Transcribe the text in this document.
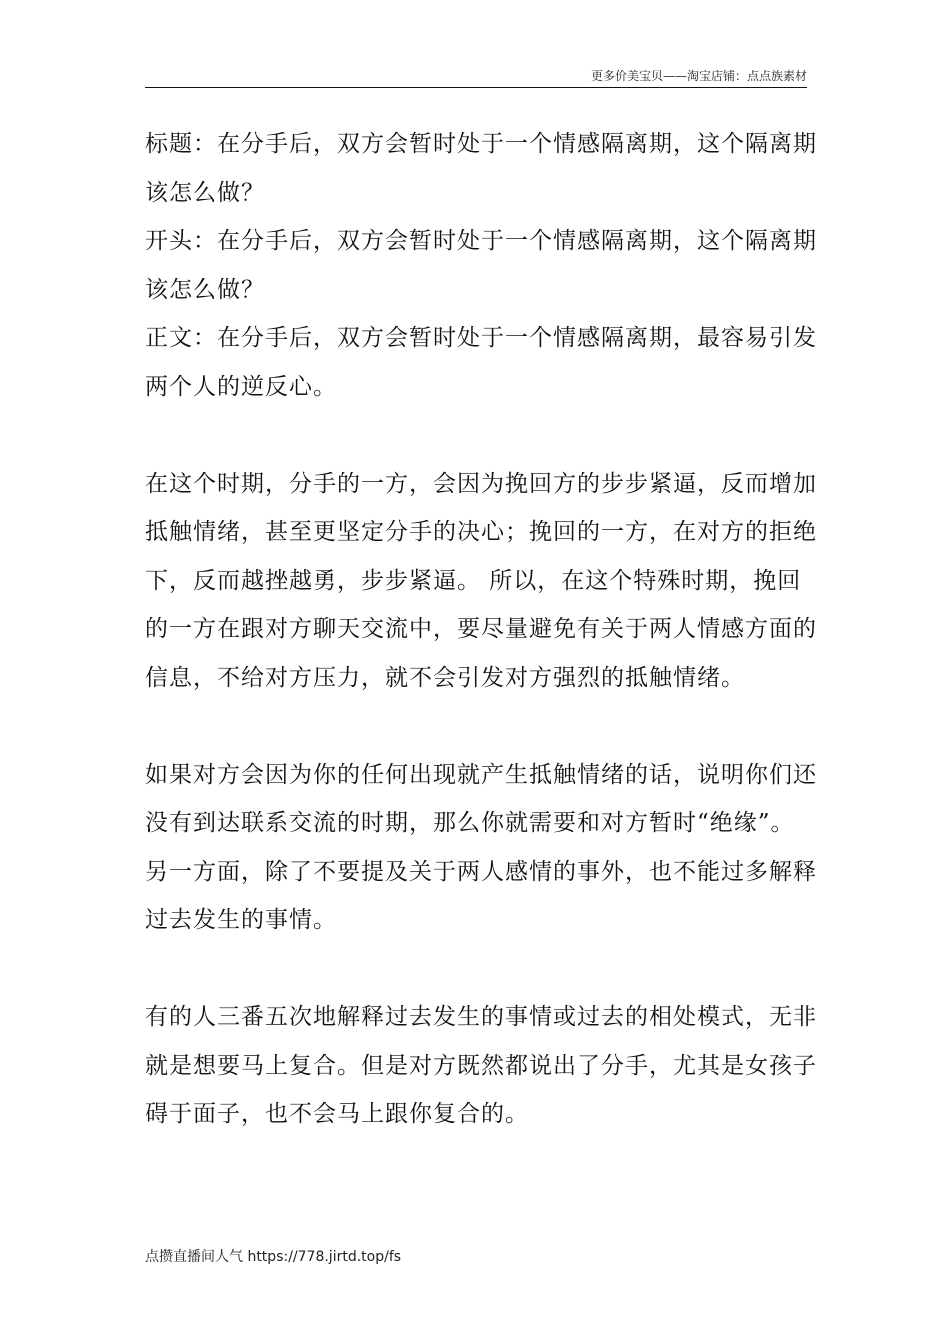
更多价美宝贝——淘宝店铺：点点族素材

标题：在分手后，双方会暂时处于一个情感隔离期，这个隔离期该怎么做？

开头：在分手后，双方会暂时处于一个情感隔离期，这个隔离期该怎么做？

正文：在分手后，双方会暂时处于一个情感隔离期，最容易引发两个人的逆反心。

在这个时期，分手的一方，会因为挽回方的步步紧逼，反而增加抵触情绪，甚至更坚定分手的决心；挽回的一方，在对方的拒绝下，反而越挫越勇，步步紧逼。 所以，在这个特殊时期，挽回的一方在跟对方聊天交流中，要尽量避免有关于两人情感方面的信息，不给对方压力，就不会引发对方强烈的抵触情绪。

如果对方会因为你的任何出现就产生抵触情绪的话，说明你们还没有到达联系交流的时期，那么你就需要和对方暂时“绝缘”。 另一方面，除了不要提及关于两人感情的事外，也不能过多解释过去发生的事情。

有的人三番五次地解释过去发生的事情或过去的相处模式，无非就是想要马上复合。但是对方既然都说出了分手，尤其是女孩子碍于面子，也不会马上跟你复合的。

点攒直播间人气 https://778.jirtd.top/fs
